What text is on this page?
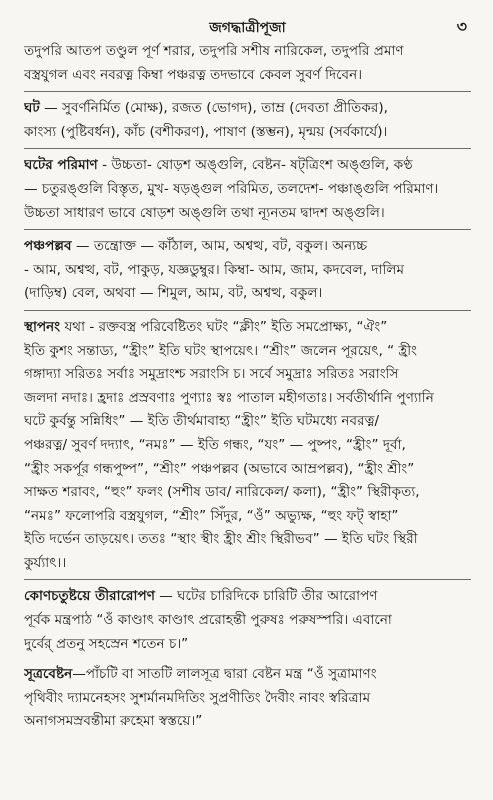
জগদ্ধাত্রীপূজা	৩

তদুপরি আতপ তণ্ডুল পূর্ণ শরার, তদুপরি সশীষ নারিকেল, তদুপরি প্রমাণ
বস্ত্রযুগল এবং নবরত্ন কিম্বা পঞ্চরত্ন তদভাবে কেবল সুবর্ণ দিবেন।

ঘট — সুবর্ণনির্মিত (মোক্ষ), রজত (ভোগদ), তাম্র (দেবতা প্রীতিকর),
কাংস্য (পুষ্টিবর্ধন), কাঁচ (বশীকরণ), পাষাণ (স্তম্ভন), মৃন্ময় (সর্বকার্যে)।

ঘটের পরিমাণ - উচ্চতা- ষোড়শ অঙ্গুলি, বেষ্টন- ষট্‌ত্রিংশ অঙ্গুলি, কণ্ঠ
— চতুরঙ্গুলি বিস্তৃত, মুখ- ষড়ঙ্গুল পরিমিত, তলদেশ- পঞ্চাঙ্গুলি পরিমাণ।
উচ্চতা সাধারণ ভাবে ষোড়শ অঙ্গুলি তথা ন্যূনতম দ্বাদশ অঙ্গুলি।

পঞ্চপল্লব — তন্ত্রোক্ত — কাঁঠাল, আম, অশ্বত্থ, বট, বকুল। অন্যচ্চ
- আম, অশ্বত্থ, বট, পাকুড়, যজ্ঞডুম্বুর। কিম্বা- আম, জাম, কদবেল, দালিম
(দাড়িম্ব) বেল, অথবা — শিমুল, আম, বট, অশ্বত্থ, বকুল।

স্থাপনং যথা - রক্তবস্ত্র পরিবেষ্টিতং ঘটং “ক্লীং” ইতি সমপ্রোক্ষ্য, “ঐং”
ইতি কুশং সন্তাড্য, “হ্রীং” ইতি ঘটং স্থাপয়েৎ। “শ্রীং” জলেন পূরয়েৎ, “ হ্রীং
গঙ্গাদ্যা সরিতঃ সর্বাঃ সমুদ্রাংশ্চ সরাংসি চ। সর্বে সমুদ্রাঃ সরিতঃ সরাংসি
জলদা নদাঃ। হ্রদাঃ প্রস্রবণাঃ পুণ্যাঃ স্বঃ পাতাল মহীগতাঃ। সর্বতীর্থানি পুণ্যানি
ঘটে কুর্বন্তু সন্নিধিং” — ইতি তীর্থমাবাহ্য “হ্রীং” ইতি ঘটমধ্যে নবরত্ন/
পঞ্চরত্ন/ সুবর্ণ দদ্যাৎ, “নমঃ” — ইতি গন্ধং, “যং” — পুষ্পং, “হ্রীং” দূর্বা,
“হ্রীং সকর্পূর গন্ধপুষ্প”, “শ্রীং” পঞ্চপল্লব (অভাবে আম্রপল্লব), “হ্রীং শ্রীং”
সাক্ষত শরাবং, “হুং” ফলং (সশীষ ডাব/ নারিকেল/ কলা), “হ্রীং” স্থিরীকৃত্য,
“নমঃ” ফলোপরি বস্ত্রযুগল, “শ্রীং” সিঁদুর, “ওঁ” অভ্যুক্ষ, “হুং ফট্ স্বাহা”
ইতি দর্ভেন তাড়য়েৎ। ততঃ “স্থাং স্থীং হ্রীং শ্রীং স্থিরীভব” — ইতি ঘটং স্থিরী
কুর্য্যাৎ।।

কোণচতুষ্টয়ে তীরারোপণ — ঘটের চারিদিকে চারিটি তীর আরোপণ
পূর্বক মন্ত্রপাঠ “ওঁ কাণ্ডাৎ কাণ্ডাৎ প্ররোহন্তী পুরুষঃ পরুষস্পরি। এবানো
দুর্বের্ প্রতনু সহস্রেন শতেন চ।”

সূত্রবেষ্টন—পাঁচটি বা সাতটি লালসূত্র দ্বারা বেষ্টন মন্ত্র “ওঁ সুত্রামাণং
পৃথিবীং দ্যামনেহসং সুশর্মানমদিতিং সুপ্রণীতিং দৈবীং নাবং স্বরিত্রাম
অনাগসমস্রবন্তীমা রুহেমা স্বস্তয়ে।”
